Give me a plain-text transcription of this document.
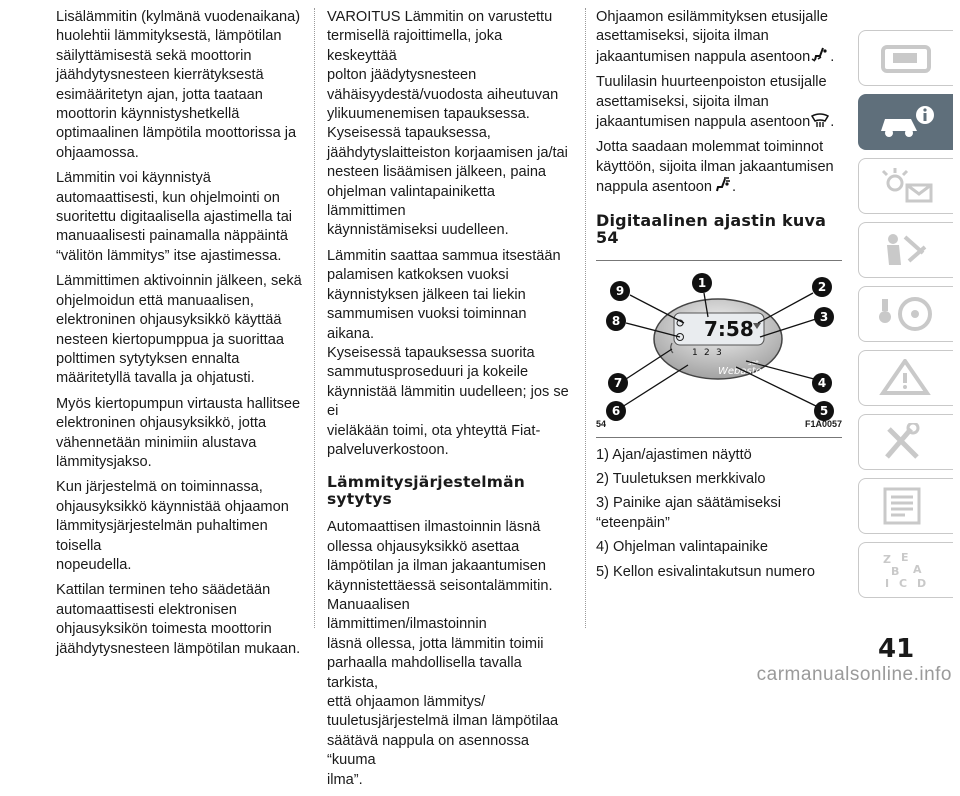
Lisälämmitin (kylmänä vuodenaikana)
huolehtii lämmityksestä, lämpötilan
säilyttämisestä sekä moottorin
jäähdytysnesteen kierrätyksestä
esimääritetyn ajan, jotta taataan
moottorin käynnistyshetkellä
optimaalinen lämpötila moottorissa ja
ohjaamossa.

Lämmitin voi käynnistyä
automaattisesti, kun ohjelmointi on
suoritettu digitaalisella ajastimella tai
manuaalisesti painamalla näppäintä
“välitön lämmitys” itse ajastimessa.

Lämmittimen aktivoinnin jälkeen, sekä
ohjelmoidun että manuaalisen,
elektroninen ohjausyksikkö käyttää
nesteen kiertopumppua ja suorittaa
polttimen sytytyksen ennalta
määritetyllä tavalla ja ohjatusti.

Myös kiertopumpun virtausta hallitsee
elektroninen ohjausyksikkö, jotta
vähennetään minimiin alustava
lämmitysjakso.

Kun järjestelmä on toiminnassa,
ohjausyksikkö käynnistää ohjaamon
lämmitysjärjestelmän puhaltimen toisella
nopeudella.

Kattilan terminen teho säädetään
automaattisesti elektronisen
ohjausyksikön toimesta moottorin
jäähdytysnesteen lämpötilan mukaan.

VAROITUS Lämmitin on varustettu
termisellä rajoittimella, joka keskeyttää
polton jäädytysnesteen
vähäisyydestä/vuodosta aiheutuvan
ylikuumenemisen tapauksessa.
Kyseisessä tapauksessa,
jäähdytyslaitteiston korjaamisen ja/tai
nesteen lisäämisen jälkeen, paina
ohjelman valintapainiketta lämmittimen
käynnistämiseksi uudelleen.

Lämmitin saattaa sammua itsestään
palamisen katkoksen vuoksi
käynnistyksen jälkeen tai liekin
sammumisen vuoksi toiminnan aikana.
Kyseisessä tapauksessa suorita
sammutusproseduuri ja kokeile
käynnistää lämmitin uudelleen; jos se ei
vieläkään toimi, ota yhteyttä Fiat-
palveluverkostoon.

Lämmitysjärjestelmän
sytytys

Automaattisen ilmastoinnin läsnä
ollessa ohjausyksikkö asettaa
lämpötilan ja ilman jakaantumisen
käynnistettäessä seisontalämmitin.
Manuaalisen lämmittimen/ilmastoinnin
läsnä ollessa, jotta lämmitin toimii
parhaalla mahdollisella tavalla tarkista,
että ohjaamon lämmitys/
tuuletusjärjestelmä ilman lämpötilaa
säätävä nappula on asennossa “kuuma
ilma”.

Ohjaamon esilämmityksen etusijalle
asettamiseksi, sijoita ilman
jakaantumisen nappula asentoon .

Tuulilasin huurteenpoiston etusijalle
asettamiseksi, sijoita ilman
jakaantumisen nappula asentoon .

Jotta saadaan molemmat toiminnot
käyttöön, sijoita ilman jakaantumisen
nappula asentoon .

Digitaalinen ajastin kuva
54
7:58
1 2 3
Webasto
set
9
1	2
8	3
7	4
6	5
54	F1A0057

1) Ajan/ajastimen näyttö

2) Tuuletuksen merkkivalo

3) Painike ajan säätämiseksi
“eteenpäin”

4) Ohjelman valintapainike

5) Kellon esivalintakutsun numero

Z E
B A
I C D
41
carmanualsonline.info
